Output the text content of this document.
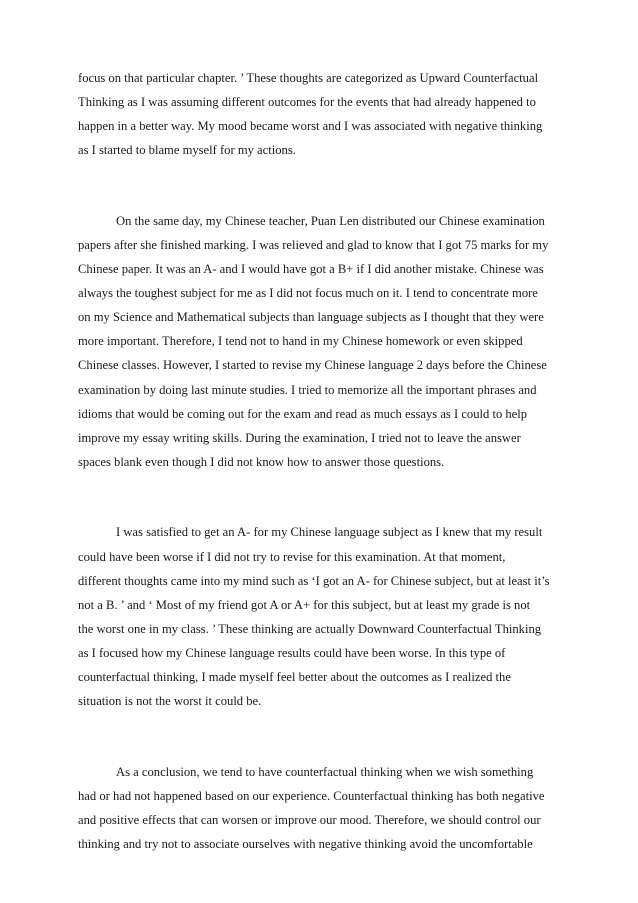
focus on that particular chapter. ’ These thoughts are categorized as Upward Counterfactual
Thinking as I was assuming different outcomes for the events that had already happened to
happen in a better way. My mood became worst and I was associated with negative thinking
as I started to blame myself for my actions.
On the same day, my Chinese teacher, Puan Len distributed our Chinese examination
papers after she finished marking. I was relieved and glad to know that I got 75 marks for my
Chinese paper. It was an A- and I would have got a B+ if I did another mistake. Chinese was
always the toughest subject for me as I did not focus much on it. I tend to concentrate more
on my Science and Mathematical subjects than language subjects as I thought that they were
more important. Therefore, I tend not to hand in my Chinese homework or even skipped
Chinese classes. However, I started to revise my Chinese language 2 days before the Chinese
examination by doing last minute studies. I tried to memorize all the important phrases and
idioms that would be coming out for the exam and read as much essays as I could to help
improve my essay writing skills. During the examination, I tried not to leave the answer
spaces blank even though I did not know how to answer those questions.
I was satisfied to get an A- for my Chinese language subject as I knew that my result
could have been worse if I did not try to revise for this examination. At that moment,
different thoughts came into my mind such as ‘I got an A- for Chinese subject, but at least it’s
not a B. ’ and ‘ Most of my friend got A or A+ for this subject, but at least my grade is not
the worst one in my class. ’ These thinking are actually Downward Counterfactual Thinking
as I focused how my Chinese language results could have been worse. In this type of
counterfactual thinking, I made myself feel better about the outcomes as I realized the
situation is not the worst it could be.
As a conclusion, we tend to have counterfactual thinking when we wish something
had or had not happened based on our experience. Counterfactual thinking has both negative
and positive effects that can worsen or improve our mood. Therefore, we should control our
thinking and try not to associate ourselves with negative thinking avoid the uncomfortable
